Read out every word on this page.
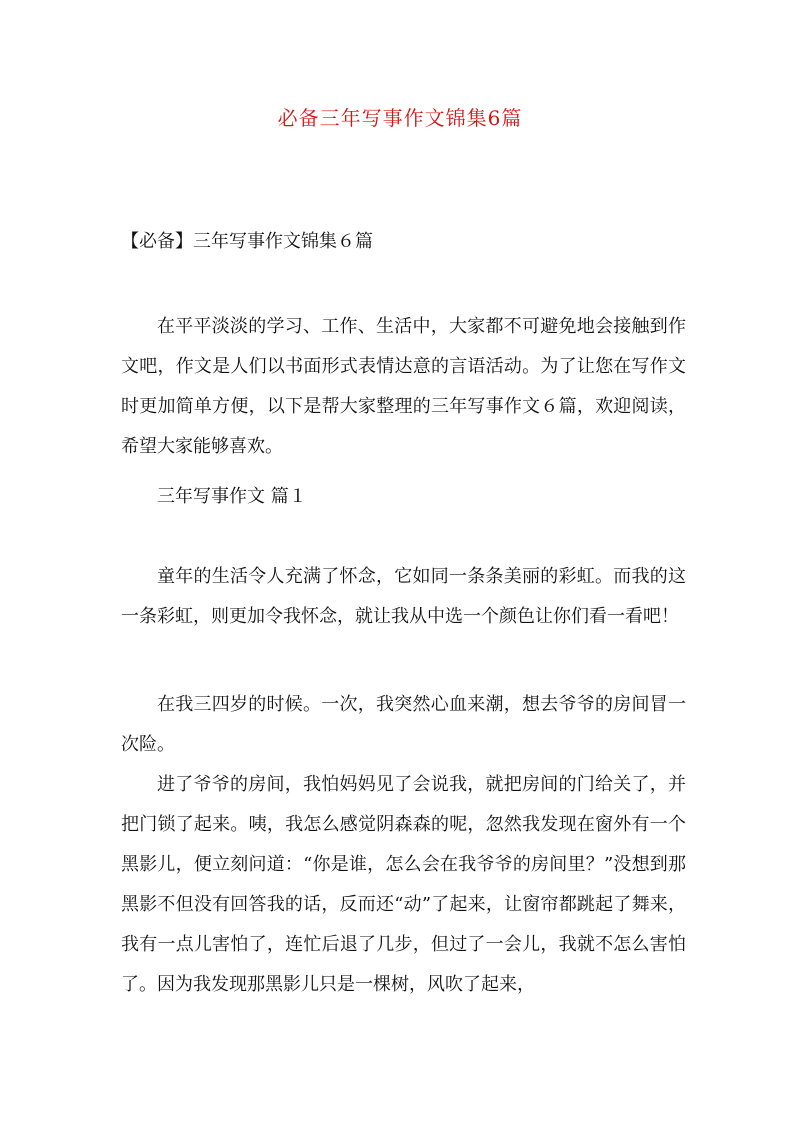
必备三年写事作文锦集6篇
【必备】三年写事作文锦集６篇

在平平淡淡的学习、工作、生活中，大家都不可避免地会接触到作文吧，作文是人们以书面形式表情达意的言语活动。为了让您在写作文时更加简单方便，以下是帮大家整理的三年写事作文６篇，欢迎阅读，希望大家能够喜欢。

三年写事作文 篇１

童年的生活令人充满了怀念，它如同一条条美丽的彩虹。而我的这一条彩虹，则更加令我怀念，就让我从中选一个颜色让你们看一看吧！

在我三四岁的时候。一次，我突然心血来潮，想去爷爷的房间冒一次险。

进了爷爷的房间，我怕妈妈见了会说我，就把房间的门给关了，并把门锁了起来。咦，我怎么感觉阴森森的呢，忽然我发现在窗外有一个黑影儿，便立刻问道：“你是谁，怎么会在我爷爷的房间里？”没想到那黑影不但没有回答我的话，反而还“动”了起来，让窗帘都跳起了舞来，我有一点儿害怕了，连忙后退了几步，但过了一会儿，我就不怎么害怕了。因为我发现那黑影儿只是一棵树，风吹了起来，
